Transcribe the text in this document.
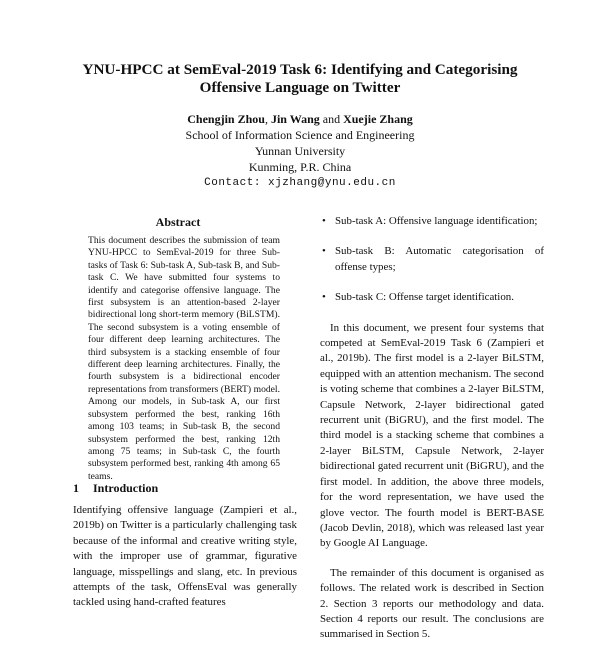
YNU-HPCC at SemEval-2019 Task 6: Identifying and Categorising
Offensive Language on Twitter
Chengjin Zhou, Jin Wang and Xuejie Zhang
School of Information Science and Engineering
Yunnan University
Kunming, P.R. China
Contact: xjzhang@ynu.edu.cn
Abstract
This document describes the submission of team YNU-HPCC to SemEval-2019 for three Sub-tasks of Task 6: Sub-task A, Sub-task B, and Sub-task C. We have submitted four systems to identify and categorise offensive language. The first subsystem is an attention-based 2-layer bidirectional long short-term memory (BiLSTM). The second subsystem is a voting ensemble of four different deep learning architectures. The third subsystem is a stacking ensemble of four different deep learning architectures. Finally, the fourth subsystem is a bidirectional encoder representations from transformers (BERT) model. Among our models, in Sub-task A, our first subsystem performed the best, ranking 16th among 103 teams; in Sub-task B, the second subsystem performed the best, ranking 12th among 75 teams; in Sub-task C, the fourth subsystem performed best, ranking 4th among 65 teams.
1 Introduction
Identifying offensive language (Zampieri et al., 2019b) on Twitter is a particularly challenging task because of the informal and creative writing style, with the improper use of grammar, figurative language, misspellings and slang, etc. In previous attempts of the task, OffensEval was generally tackled using hand-crafted features
• Sub-task A: Offensive language identification;
• Sub-task B: Automatic categorisation of offense types;
• Sub-task C: Offense target identification.

In this document, we present four systems that competed at SemEval-2019 Task 6 (Zampieri et al., 2019b). The first model is a 2-layer BiLSTM, equipped with an attention mechanism. The second is voting scheme that combines a 2-layer BiLSTM, Capsule Network, 2-layer bidirectional gated recurrent unit (BiGRU), and the first model. The third model is a stacking scheme that combines a 2-layer BiLSTM, Capsule Network, 2-layer bidirectional gated recurrent unit (BiGRU), and the first model. In addition, the above three models, for the word representation, we have used the glove vector. The fourth model is BERT-BASE (Jacob Devlin, 2018), which was released last year by Google AI Language.

The remainder of this document is organised as follows. The related work is described in Section 2. Section 3 reports our methodology and data. Section 4 reports our result. The conclusions are summarised in Section 5.
